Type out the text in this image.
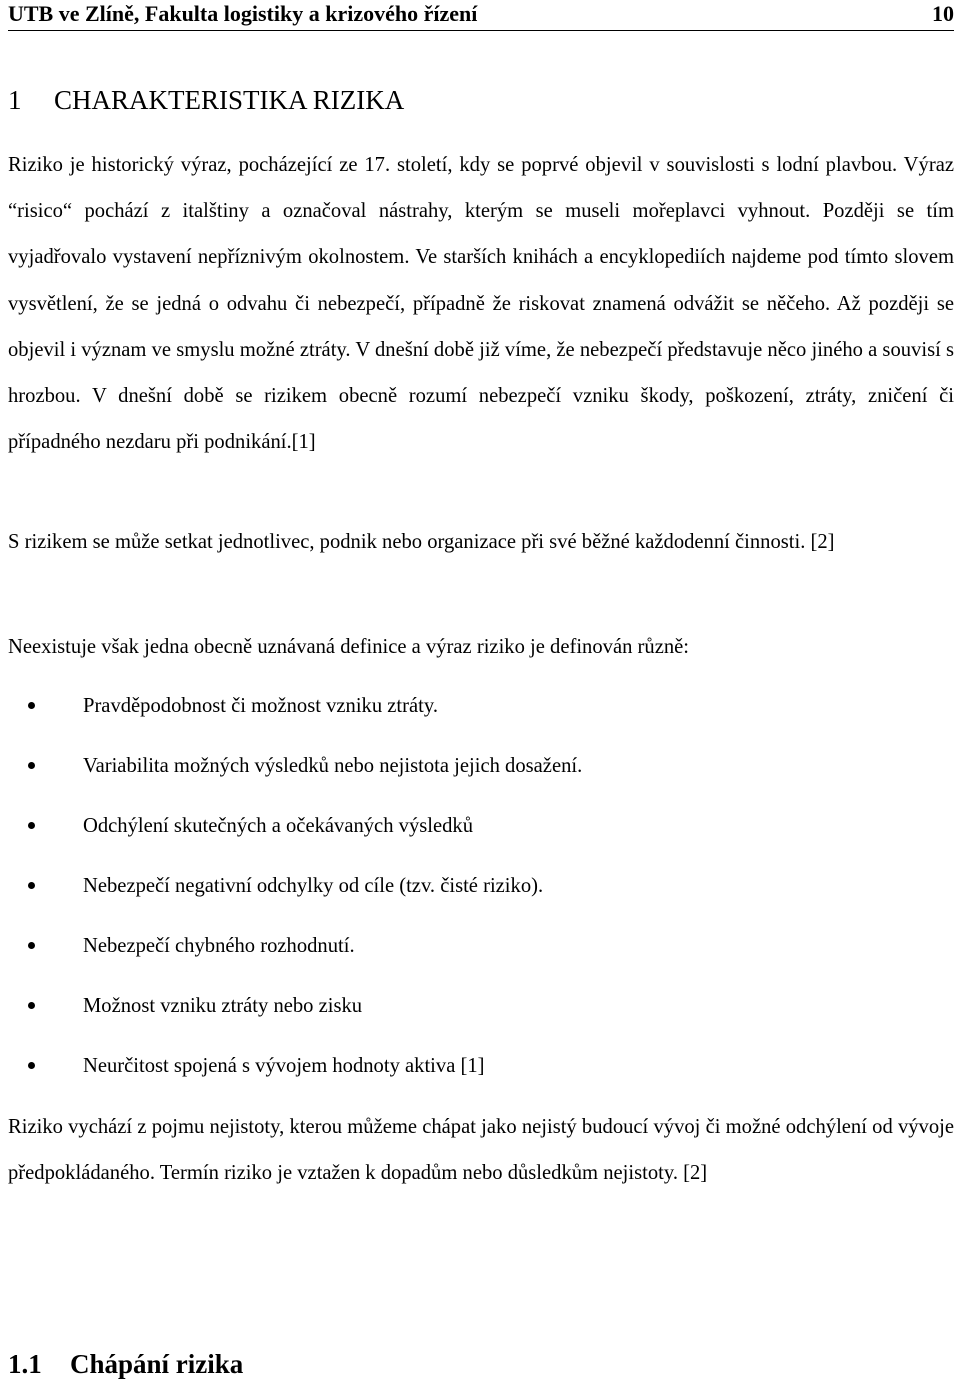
UTB ve Zlíně, Fakulta logistiky a krizového řízení	10
1 CHARAKTERISTIKA RIZIKA

Riziko je historický výraz, pocházející ze 17. století, kdy se poprvé objevil v souvislosti s lodní plavbou. Výraz “risico“ pochází z italštiny a označoval nástrahy, kterým se museli mořeplavci vyhnout. Později se tím vyjadřovalo vystavení nepříznivým okolnostem. Ve starších knihách a encyklopediích najdeme pod tímto slovem vysvětlení, že se jedná o odvahu či nebezpečí, případně že riskovat znamená odvážit se něčeho. Až později se objevil i význam ve smyslu možné ztráty. V dnešní době již víme, že nebezpečí představuje něco jiného a souvisí s hrozbou. V dnešní době se rizikem obecně rozumí nebezpečí vzniku škody, poškození, ztráty, zničení či případného nezdaru při podnikání.[1]

S rizikem se může setkat jednotlivec, podnik nebo organizace při své běžné každodenní činnosti. [2]

Neexistuje však jedna obecně uznávaná definice a výraz riziko je definován různě:

Pravděpodobnost či možnost vzniku ztráty.
Variabilita možných výsledků nebo nejistota jejich dosažení.
Odchýlení skutečných a očekávaných výsledků
Nebezpečí negativní odchylky od cíle (tzv. čisté riziko).
Nebezpečí chybného rozhodnutí.
Možnost vzniku ztráty nebo zisku
Neurčitost spojená s vývojem hodnoty aktiva [1]

Riziko vychází z pojmu nejistoty, kterou můžeme chápat jako nejistý budoucí vývoj či možné odchýlení od vývoje předpokládaného. Termín riziko je vztažen k dopadům nebo důsledkům nejistoty. [2]

1.1 Chápání rizika
